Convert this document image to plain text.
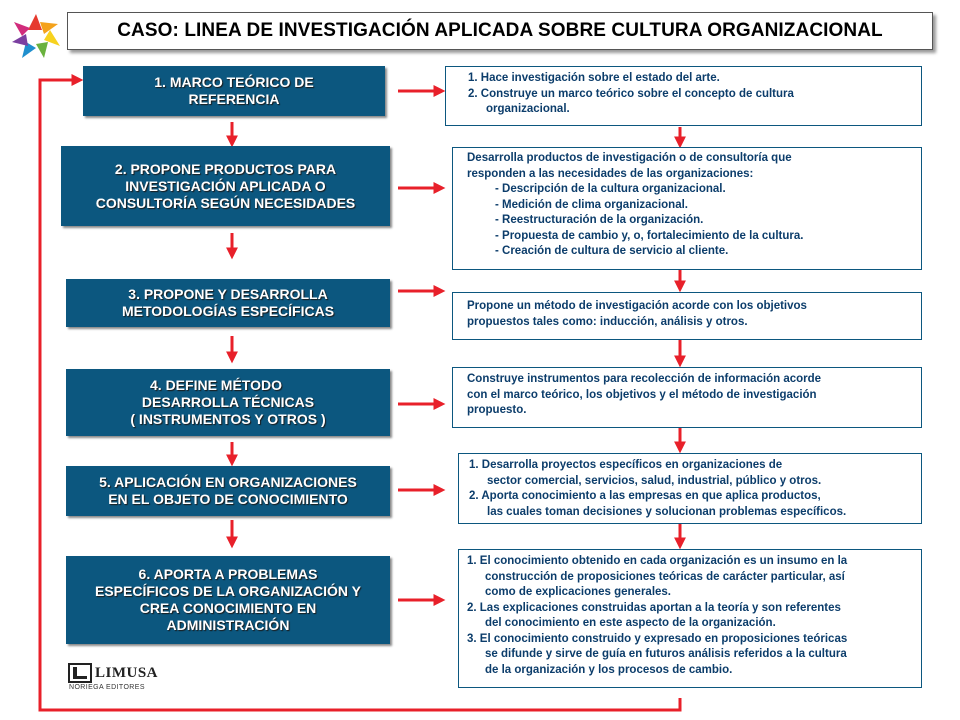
CASO: LINEA DE INVESTIGACIÓN APLICADA SOBRE CULTURA ORGANIZACIONAL
1. MARCO TEÓRICO DE
REFERENCIA
2. PROPONE PRODUCTOS PARA
INVESTIGACIÓN APLICADA O
CONSULTORÍA SEGÚN NECESIDADES
3. PROPONE Y DESARROLLA
METODOLOGÍAS ESPECÍFICAS
4. DEFINE MÉTODO
DESARROLLA TÉCNICAS
( INSTRUMENTOS Y OTROS )
5. APLICACIÓN EN ORGANIZACIONES
EN EL OBJETO DE CONOCIMIENTO
6. APORTA A PROBLEMAS
ESPECÍFICOS DE LA ORGANIZACIÓN Y
CREA CONOCIMIENTO EN
ADMINISTRACIÓN
1. Hace investigación sobre el estado del arte.
2. Construye un marco teórico sobre el concepto de cultura
organizacional.
Desarrolla productos de investigación o de consultoría que
responden a las necesidades de las organizaciones:
- Descripción de la cultura organizacional.
- Medición de clima organizacional.
- Reestructuración de la organización.
- Propuesta de cambio y, o, fortalecimiento de la cultura.
- Creación de cultura de servicio al cliente.
Propone un método de investigación acorde con los objetivos
propuestos tales como: inducción, análisis y otros.
Construye instrumentos para recolección de información acorde
con el marco teórico, los objetivos y el método de investigación
propuesto.
1. Desarrolla proyectos específicos en organizaciones de
sector comercial, servicios, salud, industrial, público y otros.
2. Aporta conocimiento a las empresas en que aplica productos,
las cuales toman decisiones y solucionan problemas específicos.
1. El conocimiento obtenido en cada organización es un insumo en la
construcción de proposiciones teóricas de carácter particular, así
como de explicaciones generales.
2. Las explicaciones construidas aportan a la teoría y son referentes
del conocimiento en este aspecto de la organización.
3. El conocimiento construido y expresado en proposiciones teóricas
se difunde y sirve de guía en futuros análisis referidos a la cultura
de la organización y los procesos de cambio.
LIMUSA
NORIEGA EDITORES
